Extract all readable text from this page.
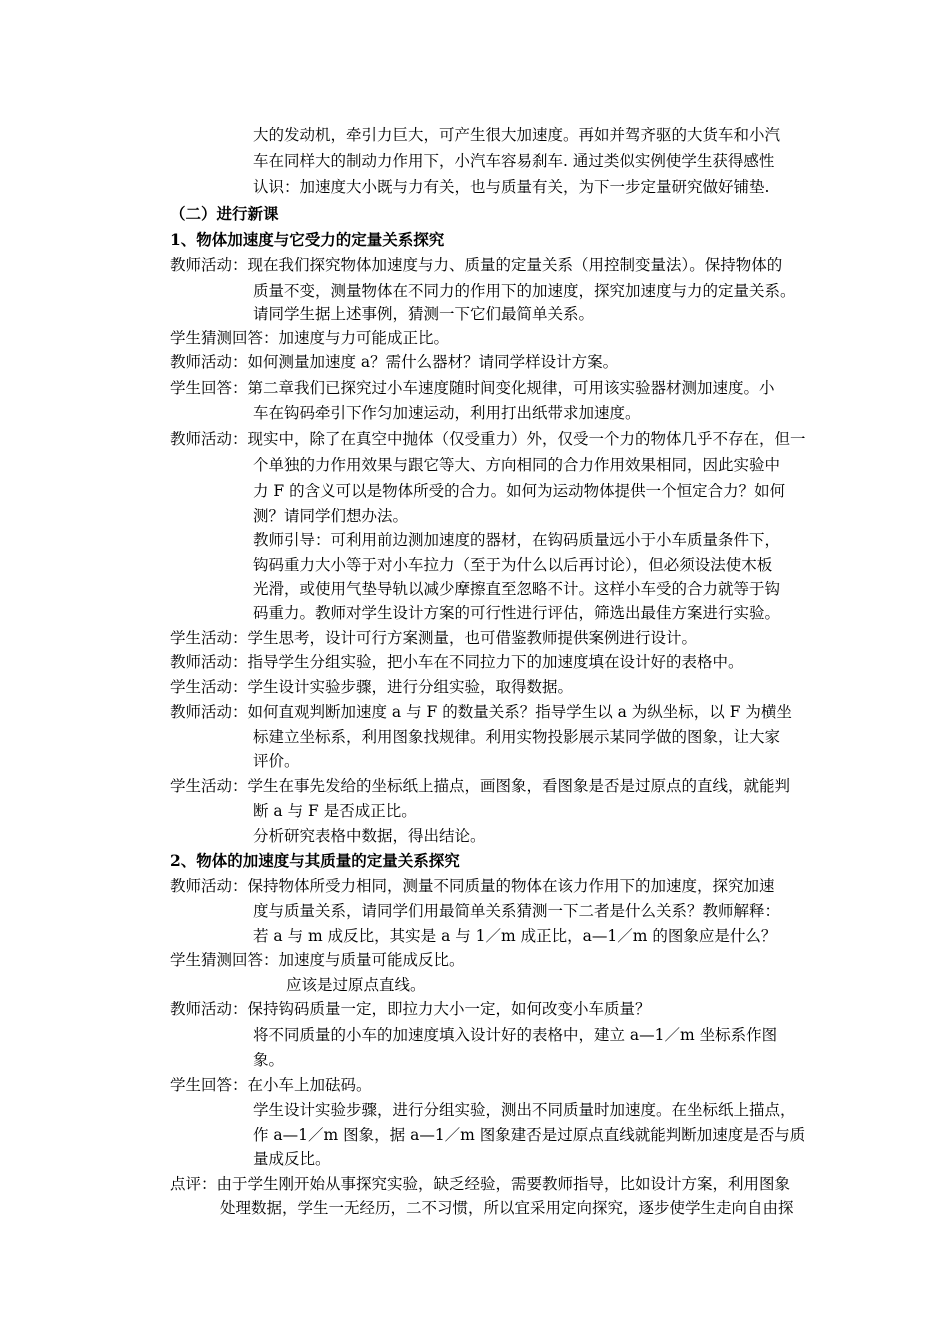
大的发动机，牵引力巨大，可产生很大加速度。再如并驾齐驱的大货车和小汽
车在同样大的制动力作用下，小汽车容易刹车. 通过类似实例使学生获得感性
认识：加速度大小既与力有关，也与质量有关，为下一步定量研究做好铺垫.
（二）进行新课
1、物体加速度与它受力的定量关系探究
教师活动：现在我们探究物体加速度与力、质量的定量关系（用控制变量法）。保持物体的
质量不变，测量物体在不同力的作用下的加速度，探究加速度与力的定量关系。
请同学生据上述事例，猜测一下它们最简单关系。
学生猜测回答：加速度与力可能成正比。
教师活动：如何测量加速度 a？需什么器材？请同学样设计方案。
学生回答：第二章我们已探究过小车速度随时间变化规律，可用该实验器材测加速度。小
车在钩码牵引下作匀加速运动，利用打出纸带求加速度。
教师活动：现实中，除了在真空中抛体（仅受重力）外，仅受一个力的物体几乎不存在，但一
个单独的力作用效果与跟它等大、方向相同的合力作用效果相同，因此实验中
力 F 的含义可以是物体所受的合力。如何为运动物体提供一个恒定合力？如何
测？请同学们想办法。
教师引导：可利用前边测加速度的器材，在钩码质量远小于小车质量条件下，
钩码重力大小等于对小车拉力（至于为什么以后再讨论），但必须设法使木板
光滑，或使用气垫导轨以减少摩擦直至忽略不计。这样小车受的合力就等于钩
码重力。教师对学生设计方案的可行性进行评估，筛选出最佳方案进行实验。
学生活动：学生思考，设计可行方案测量，也可借鉴教师提供案例进行设计。
教师活动：指导学生分组实验，把小车在不同拉力下的加速度填在设计好的表格中。
学生活动：学生设计实验步骤，进行分组实验，取得数据。
教师活动：如何直观判断加速度 a 与 F 的数量关系？指导学生以 a 为纵坐标，以 F 为横坐
标建立坐标系，利用图象找规律。利用实物投影展示某同学做的图象，让大家
评价。
学生活动：学生在事先发给的坐标纸上描点，画图象，看图象是否是过原点的直线，就能判
断 a 与 F 是否成正比。
分析研究表格中数据，得出结论。
2、物体的加速度与其质量的定量关系探究
教师活动：保持物体所受力相同，测量不同质量的物体在该力作用下的加速度，探究加速
度与质量关系，请同学们用最简单关系猜测一下二者是什么关系？教师解释：
若 a 与 m 成反比，其实是 a 与 1／m 成正比，a—1／m 的图象应是什么？
学生猜测回答：加速度与质量可能成反比。
应该是过原点直线。
教师活动：保持钩码质量一定，即拉力大小一定，如何改变小车质量？
将不同质量的小车的加速度填入设计好的表格中，建立 a—1／m 坐标系作图
象。
学生回答：在小车上加砝码。
学生设计实验步骤，进行分组实验，测出不同质量时加速度。在坐标纸上描点，
作 a—1／m 图象，据 a—1／m 图象建否是过原点直线就能判断加速度是否与质
量成反比。
点评：由于学生刚开始从事探究实验，缺乏经验，需要教师指导，比如设计方案，利用图象
处理数据，学生一无经历，二不习惯，所以宜采用定向探究，逐步使学生走向自由探
